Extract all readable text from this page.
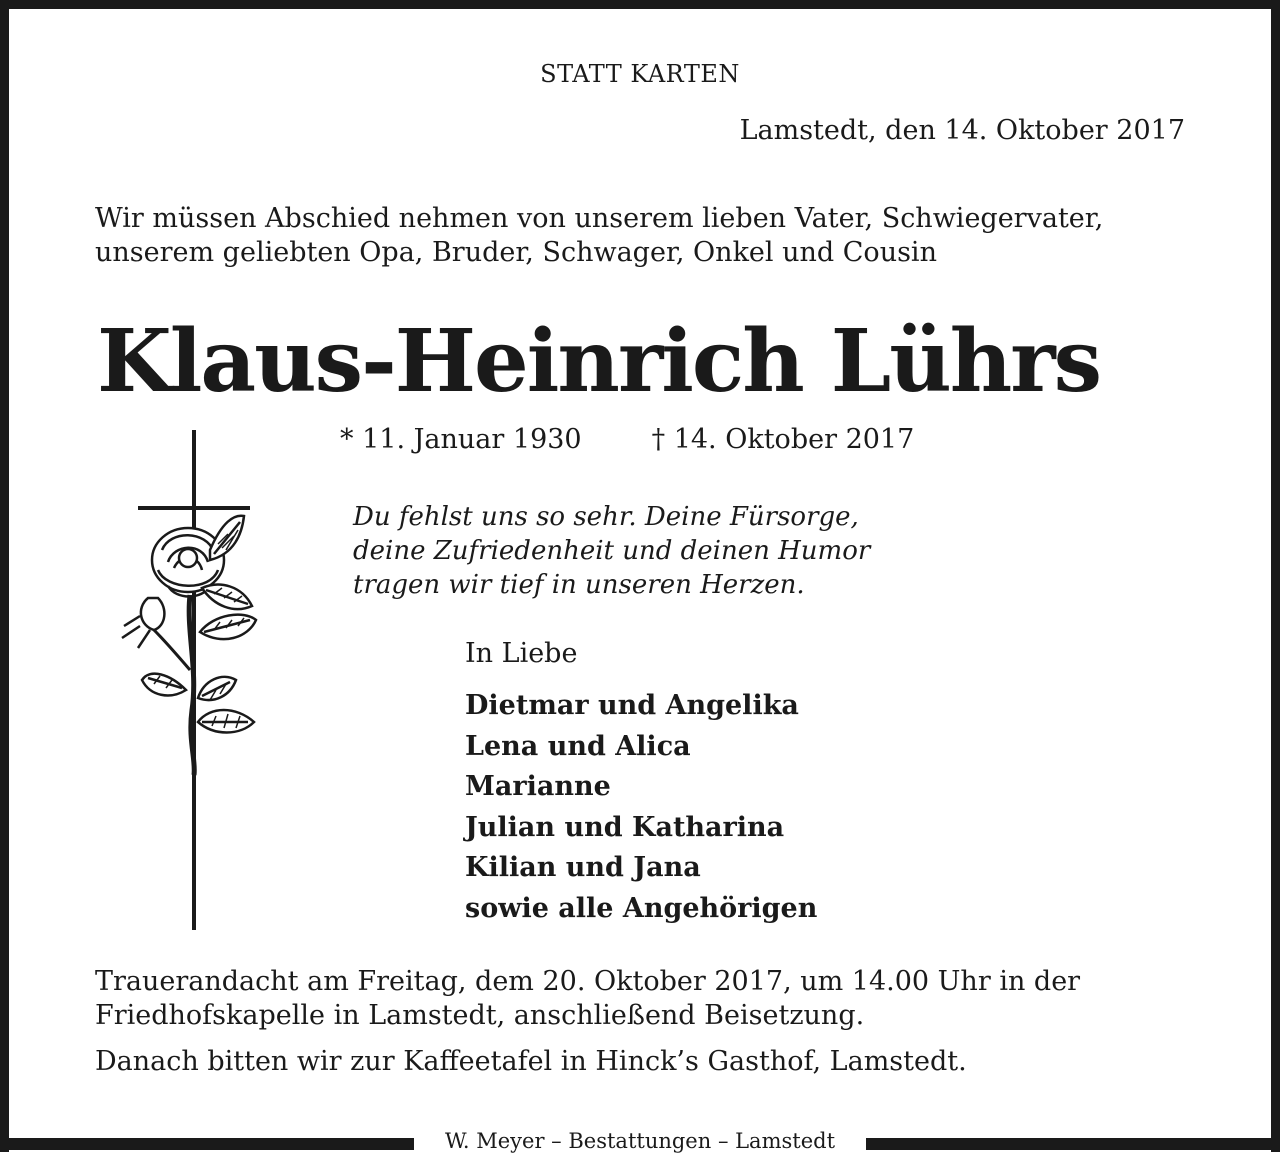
STATT KARTEN

Lamstedt, den 14. Oktober 2017

Wir müssen Abschied nehmen von unserem lieben Vater, Schwiegervater,
unserem geliebten Opa, Bruder, Schwager, Onkel und Cousin
Klaus-Heinrich Lührs

* 11. Januar 1930	† 14. Oktober 2017

Du fehlst uns so sehr. Deine Fürsorge,
deine Zufriedenheit und deinen Humor
tragen wir tief in unseren Herzen.

In Liebe

Dietmar und Angelika
Lena und Alica
Marianne
Julian und Katharina
Kilian und Jana
sowie alle Angehörigen
Trauerandacht am Freitag, dem 20. Oktober 2017, um 14.00 Uhr in der
Friedhofskapelle in Lamstedt, anschließend Beisetzung.

Danach bitten wir zur Kaffeetafel in Hinck’s Gasthof, Lamstedt.

W. Meyer – Bestattungen – Lamstedt
